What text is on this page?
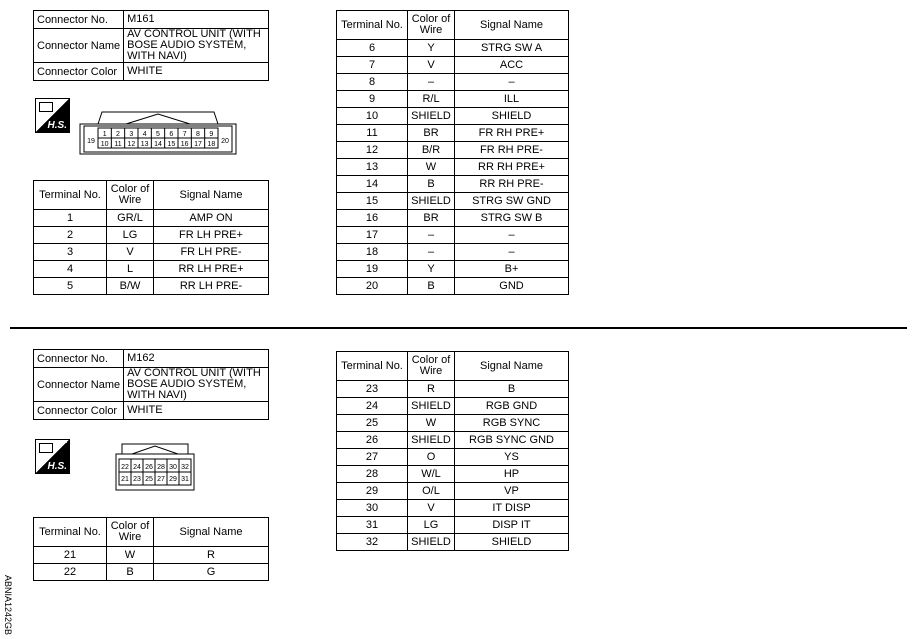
Connector No.	M161
Connector Name	AV CONTROL UNIT (WITH BOSE AUDIO SYSTEM, WITH NAVI)
Connector Color	WHITE
H.S.
1 2 3 4 5 6 7 8 9
10 11 12 13 14 15 16 17 18
19	20
Terminal No.	Color of Wire	Signal Name
1	GR/L	AMP ON
2	LG	FR LH PRE+
3	V	FR LH PRE-
4	L	RR LH PRE+
5	B/W	RR LH PRE-
Terminal No.	Color of Wire	Signal Name
6	Y	STRG SW A
7	V	ACC
8	–	–
9	R/L	ILL
10	SHIELD	SHIELD
11	BR	FR RH PRE+
12	B/R	FR RH PRE-
13	W	RR RH PRE+
14	B	RR RH PRE-
15	SHIELD	STRG SW GND
16	BR	STRG SW B
17	–	–
18	–	–
19	Y	B+
20	B	GND
Connector No.	M162
Connector Name	AV CONTROL UNIT (WITH BOSE AUDIO SYSTEM, WITH NAVI)
Connector Color	WHITE
H.S.	22 24 26 28 30 32
21 23 25 27 29 31
Terminal No.	Color of Wire	Signal Name
21	W	R
22	B	G
Terminal No.	Color of Wire	Signal Name
23	R	B
24	SHIELD	RGB GND
25	W	RGB SYNC
26	SHIELD	RGB SYNC GND
27	O	YS
28	W/L	HP
29	O/L	VP
30	V	IT DISP
31	LG	DISP IT
32	SHIELD	SHIELD
ABNIA1242GB
